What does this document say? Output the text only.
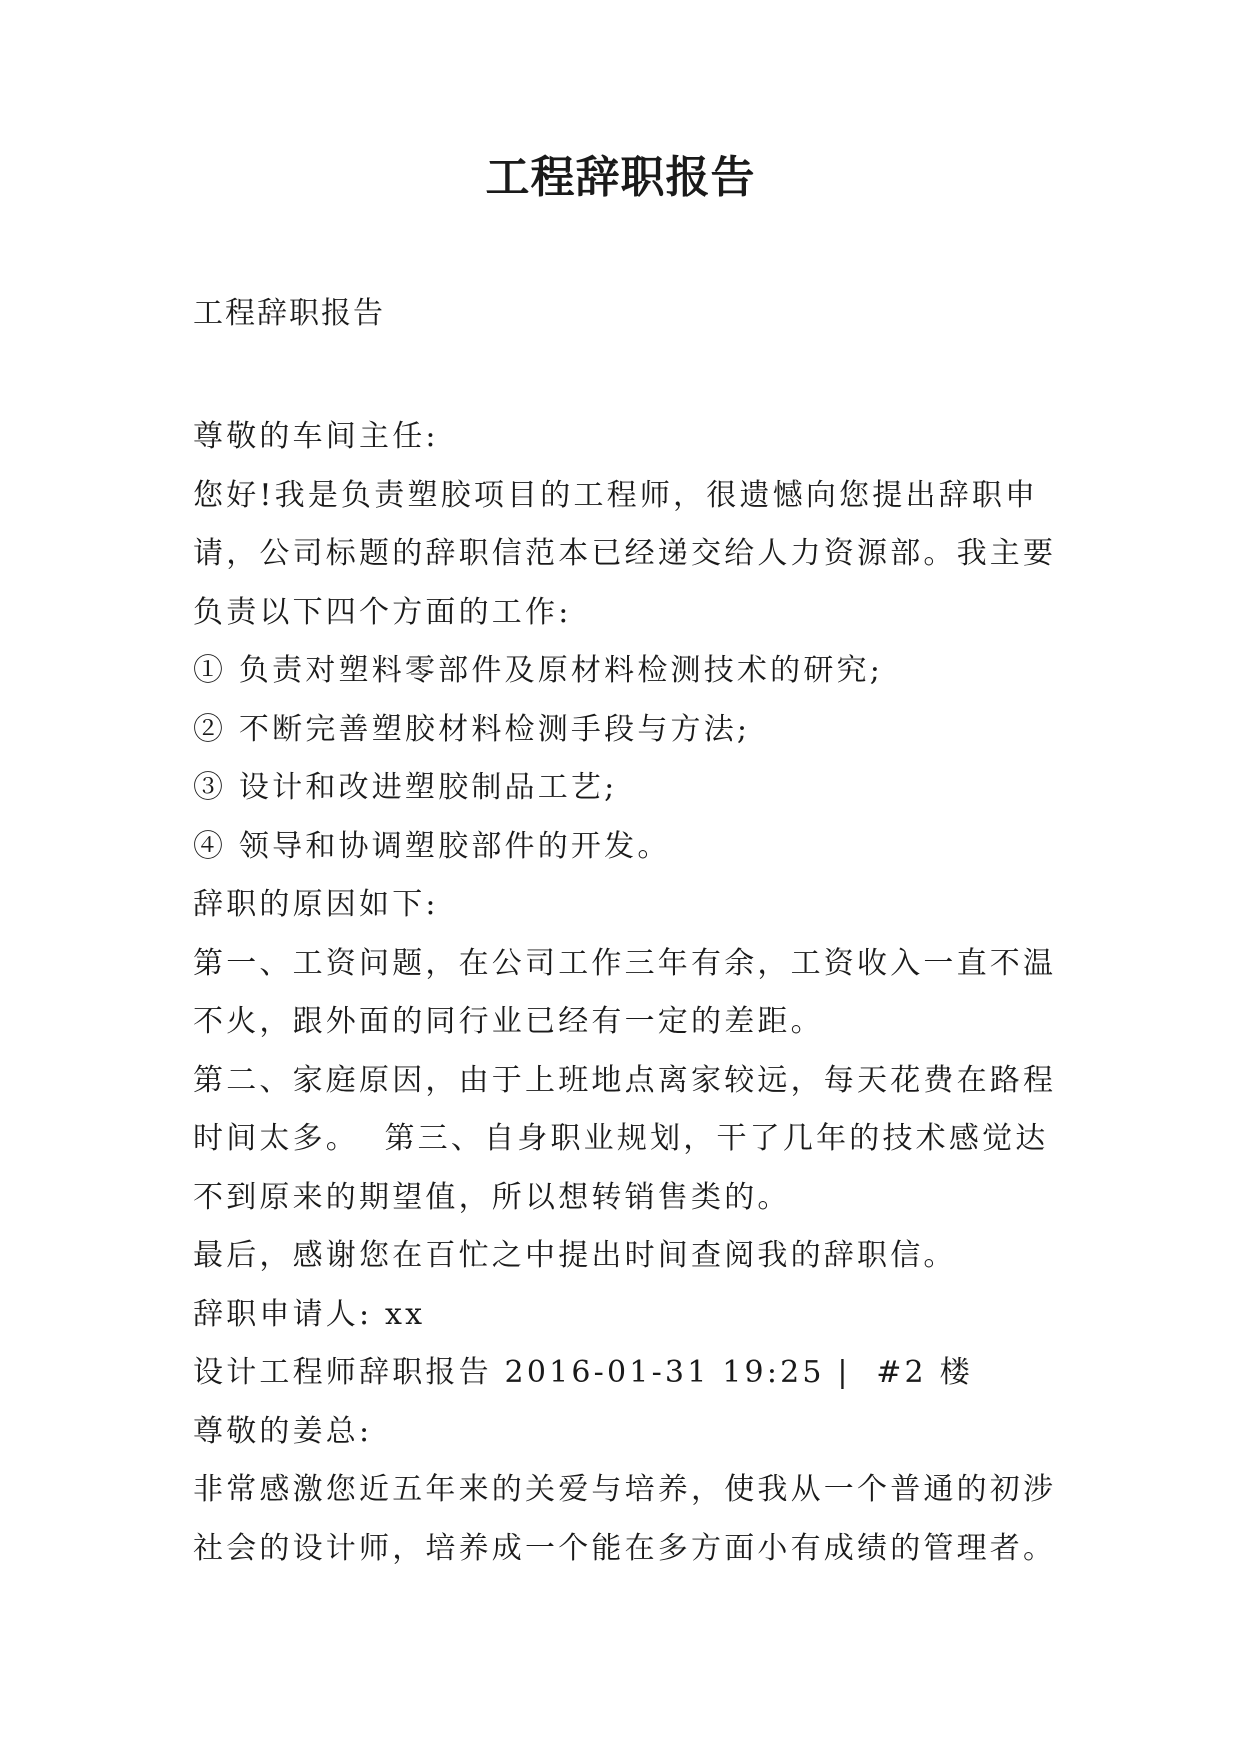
工程辞职报告

工程辞职报告

尊敬的车间主任:
您好!我是负责塑胶项目的工程师，很遗憾向您提出辞职申
请，公司标题的辞职信范本已经递交给人力资源部。我主要
负责以下四个方面的工作:
① 负责对塑料零部件及原材料检测技术的研究;
② 不断完善塑胶材料检测手段与方法;
③ 设计和改进塑胶制品工艺;
④ 领导和协调塑胶部件的开发。
辞职的原因如下:
第一、工资问题，在公司工作三年有余，工资收入一直不温
不火，跟外面的同行业已经有一定的差距。
第二、家庭原因，由于上班地点离家较远，每天花费在路程
时间太多。  第三、自身职业规划，干了几年的技术感觉达
不到原来的期望值，所以想转销售类的。
最后，感谢您在百忙之中提出时间查阅我的辞职信。
辞职申请人: xx
设计工程师辞职报告 2016-01-31 19:25 |  #2 楼
尊敬的姜总:
非常感激您近五年来的关爱与培养，使我从一个普通的初涉
社会的设计师，培养成一个能在多方面小有成绩的管理者。
